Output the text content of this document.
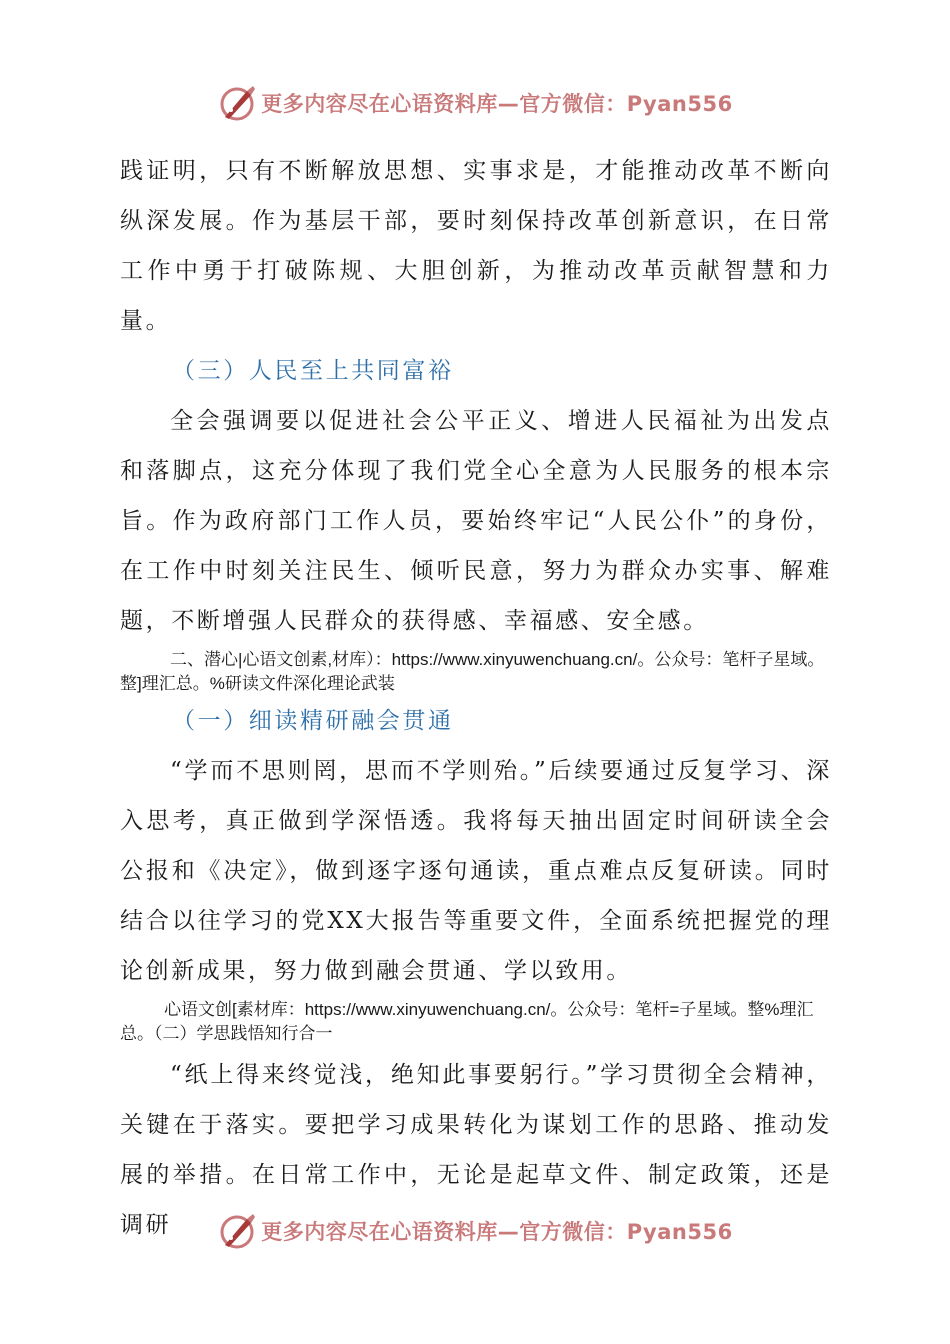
更多内容尽在心语资料库—官方微信：Pyan556

践证明，只有不断解放思想、实事求是，才能推动改革不断向纵深发展。作为基层干部，要时刻保持改革创新意识，在日常工作中勇于打破陈规、大胆创新，为推动改革贡献智慧和力量。

（三）人民至上共同富裕

全会强调要以促进社会公平正义、增进人民福祉为出发点和落脚点，这充分体现了我们党全心全意为人民服务的根本宗旨。作为政府部门工作人员，要始终牢记“人民公仆”的身份，在工作中时刻关注民生、倾听民意，努力为群众办实事、解难题，不断增强人民群众的获得感、幸福感、安全感。

二、潜心|心语文创素,材库）：https://www.xinyuwenchuang.cn/。公众号：笔杆子星域。整]理汇总。%研读文件深化理论武装

（一）细读精研融会贯通

“学而不思则罔，思而不学则殆。”后续要通过反复学习、深入思考，真正做到学深悟透。我将每天抽出固定时间研读全会公报和《决定》，做到逐字逐句通读，重点难点反复研读。同时结合以往学习的党XX大报告等重要文件，全面系统把握党的理论创新成果，努力做到融会贯通、学以致用。

心语文创[素材库：https://www.xinyuwenchuang.cn/。公众号：笔杆=子星域。整%理汇总。（二）学思践悟知行合一

“纸上得来终觉浅，绝知此事要躬行。”学习贯彻全会精神，关键在于落实。要把学习成果转化为谋划工作的思路、推动发展的举措。在日常工作中，无论是起草文件、制定政策，还是调研	更多内容尽在心语资料库—官方微信：Pyan556
